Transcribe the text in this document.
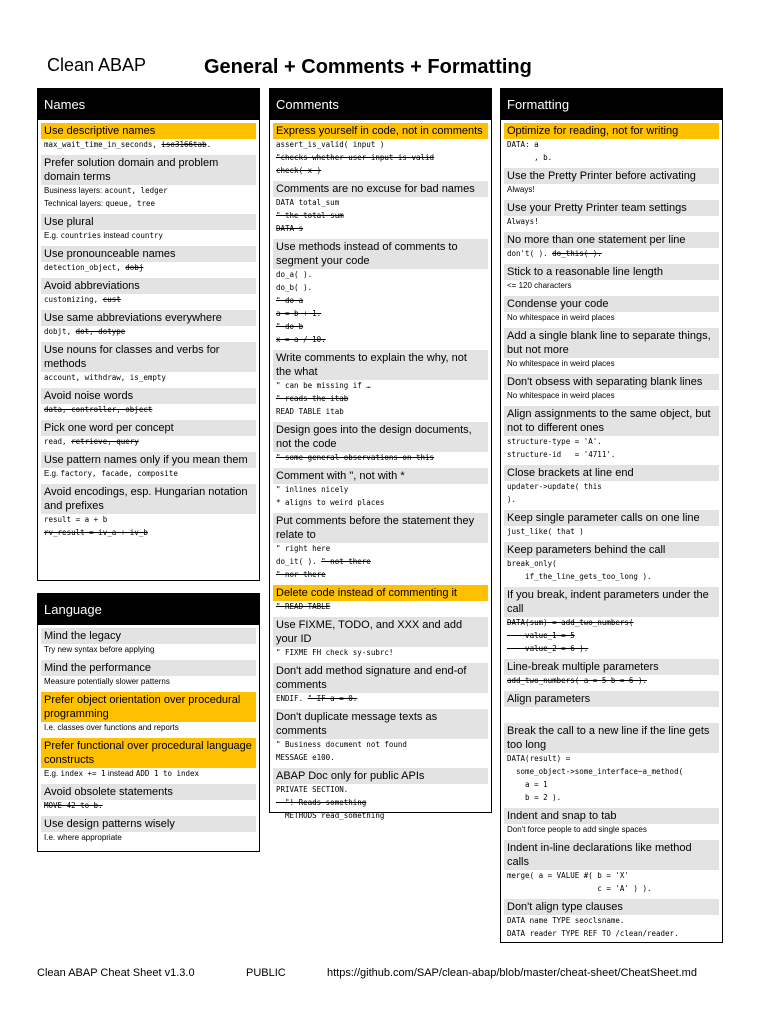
Clean ABAP	General + Comments + Formatting
Names
Use descriptive names
max_wait_time_in_seconds, iso3166tab.
Prefer solution domain and problem domain terms
Business layers: acount, ledger
Technical layers: queue, tree
Use plural
E.g. countries instead country
Use pronounceable names
detection_object, dobj
Avoid abbreviations
customizing, cust
Use same abbreviations everywhere
dobjt, dot, dotype
Use nouns for classes and verbs for methods
account, withdraw, is_empty
Avoid noise words
data, controller, object
Pick one word per concept
read, retrieve, query
Use pattern names only if you mean them
E.g. factory, facade, composite
Avoid encodings, esp. Hungarian notation and prefixes
result = a + b
rv_result = iv_a + iv_b
Language
Mind the legacy
Try new syntax before applying
Mind the performance
Measure potentially slower patterns
Prefer object orientation over procedural programming
I.e. classes over functions and reports
Prefer functional over procedural language constructs
E.g. index += 1 instead ADD 1 to index
Avoid obsolete statements
MOVE 42 to b.
Use design patterns wisely
I.e. where appropriate
Comments
Express yourself in code, not in comments
assert_is_valid( input )
"checks whether user input is valid
check( x )
Comments are no excuse for bad names
DATA total_sum
" the total sum
DATA s
Use methods instead of comments to segment your code
do_a( ).
do_b( ).
" do a
a = b + 1.
" do b
x = a / 10.
Write comments to explain the why, not the what
" can be missing if …
" reads the itab
READ TABLE itab
Design goes into the design documents, not the code
" some general observations on this
Comment with ", not with *
" inlines nicely
* aligns to weird places
Put comments before the statement they relate to
" right here
do_it( ). " not there
" nor there
Delete code instead of commenting it
" READ TABLE
Use FIXME, TODO, and XXX and add your ID
" FIXME FH check sy-subrc!
Don't add method signature and end-of comments
ENDIF. " IF a = 0.
Don't duplicate message texts as comments
" Business document not found
MESSAGE e100.
ABAP Doc only for public APIs
PRIVATE SECTION.
"! Reads something
METHODS read_something
Formatting
Optimize for reading, not for writing
DATA: a
, b.
Use the Pretty Printer before activating
Always!
Use your Pretty Printer team settings
Always!
No more than one statement per line
don't( ). do_this( ).
Stick to a reasonable line length
<= 120 characters
Condense your code
No whitespace in weird places
Add a single blank line to separate things, but not more
No whitespace in weird places
Don't obsess with separating blank lines
No whitespace in weird places
Align assignments to the same object, but not to different ones
structure-type = 'A'.
structure-id   = '4711'.
Close brackets at line end
updater->update( this
).
Keep single parameter calls on one line
just_like( that )
Keep parameters behind the call
break_only(
if_the_line_gets_too_long ).
If you break, indent parameters under the call
DATA(sum) = add_two_numbers(
value_1 = 5
value_2 = 6 ).
Line-break multiple parameters
add_two_numbers( a = 5 b = 6 ).
Align parameters

Break the call to a new line if the line gets too long
DATA(result) =
some_object->some_interface~a_method(
a = 1
b = 2 ).
Indent and snap to tab
Don't force people to add single spaces
Indent in-line declarations like method calls
merge( a = VALUE #( b = 'X'
c = 'A' ) ).
Don't align type clauses
DATA name TYPE seoclsname.
DATA reader TYPE REF TO /clean/reader.
Clean ABAP Cheat Sheet v1.3.0	PUBLIC	https://github.com/SAP/clean-abap/blob/master/cheat-sheet/CheatSheet.md
